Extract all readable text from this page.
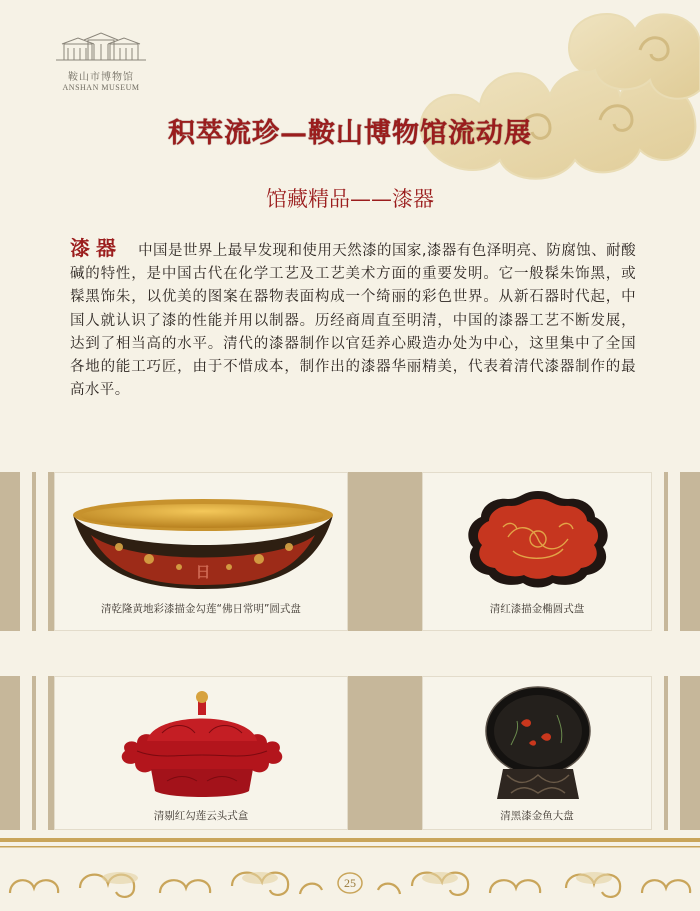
鞍山市博物馆
ANSHAN MUSEUM
积萃流珍—鞍山博物馆流动展
馆藏精品——漆器
漆器 中国是世界上最早发现和使用天然漆的国家,漆器有色泽明亮、防腐蚀、耐酸碱的特性，是中国古代在化学工艺及工艺美术方面的重要发明。它一般髹朱饰黑，或髹黑饰朱，以优美的图案在器物表面构成一个绮丽的彩色世界。从新石器时代起，中国人就认识了漆的性能并用以制器。历经商周直至明清，中国的漆器工艺不断发展，达到了相当高的水平。清代的漆器制作以官廷养心殿造办处为中心，这里集中了全国各地的能工巧匠，由于不惜成本，制作出的漆器华丽精美，代表着清代漆器制作的最高水平。
日
清乾隆黄地彩漆描金勾莲“佛日常明”圆式盘	清红漆描金椭圆式盘
清剔红勾莲云头式盒	清黑漆金鱼大盘
25
